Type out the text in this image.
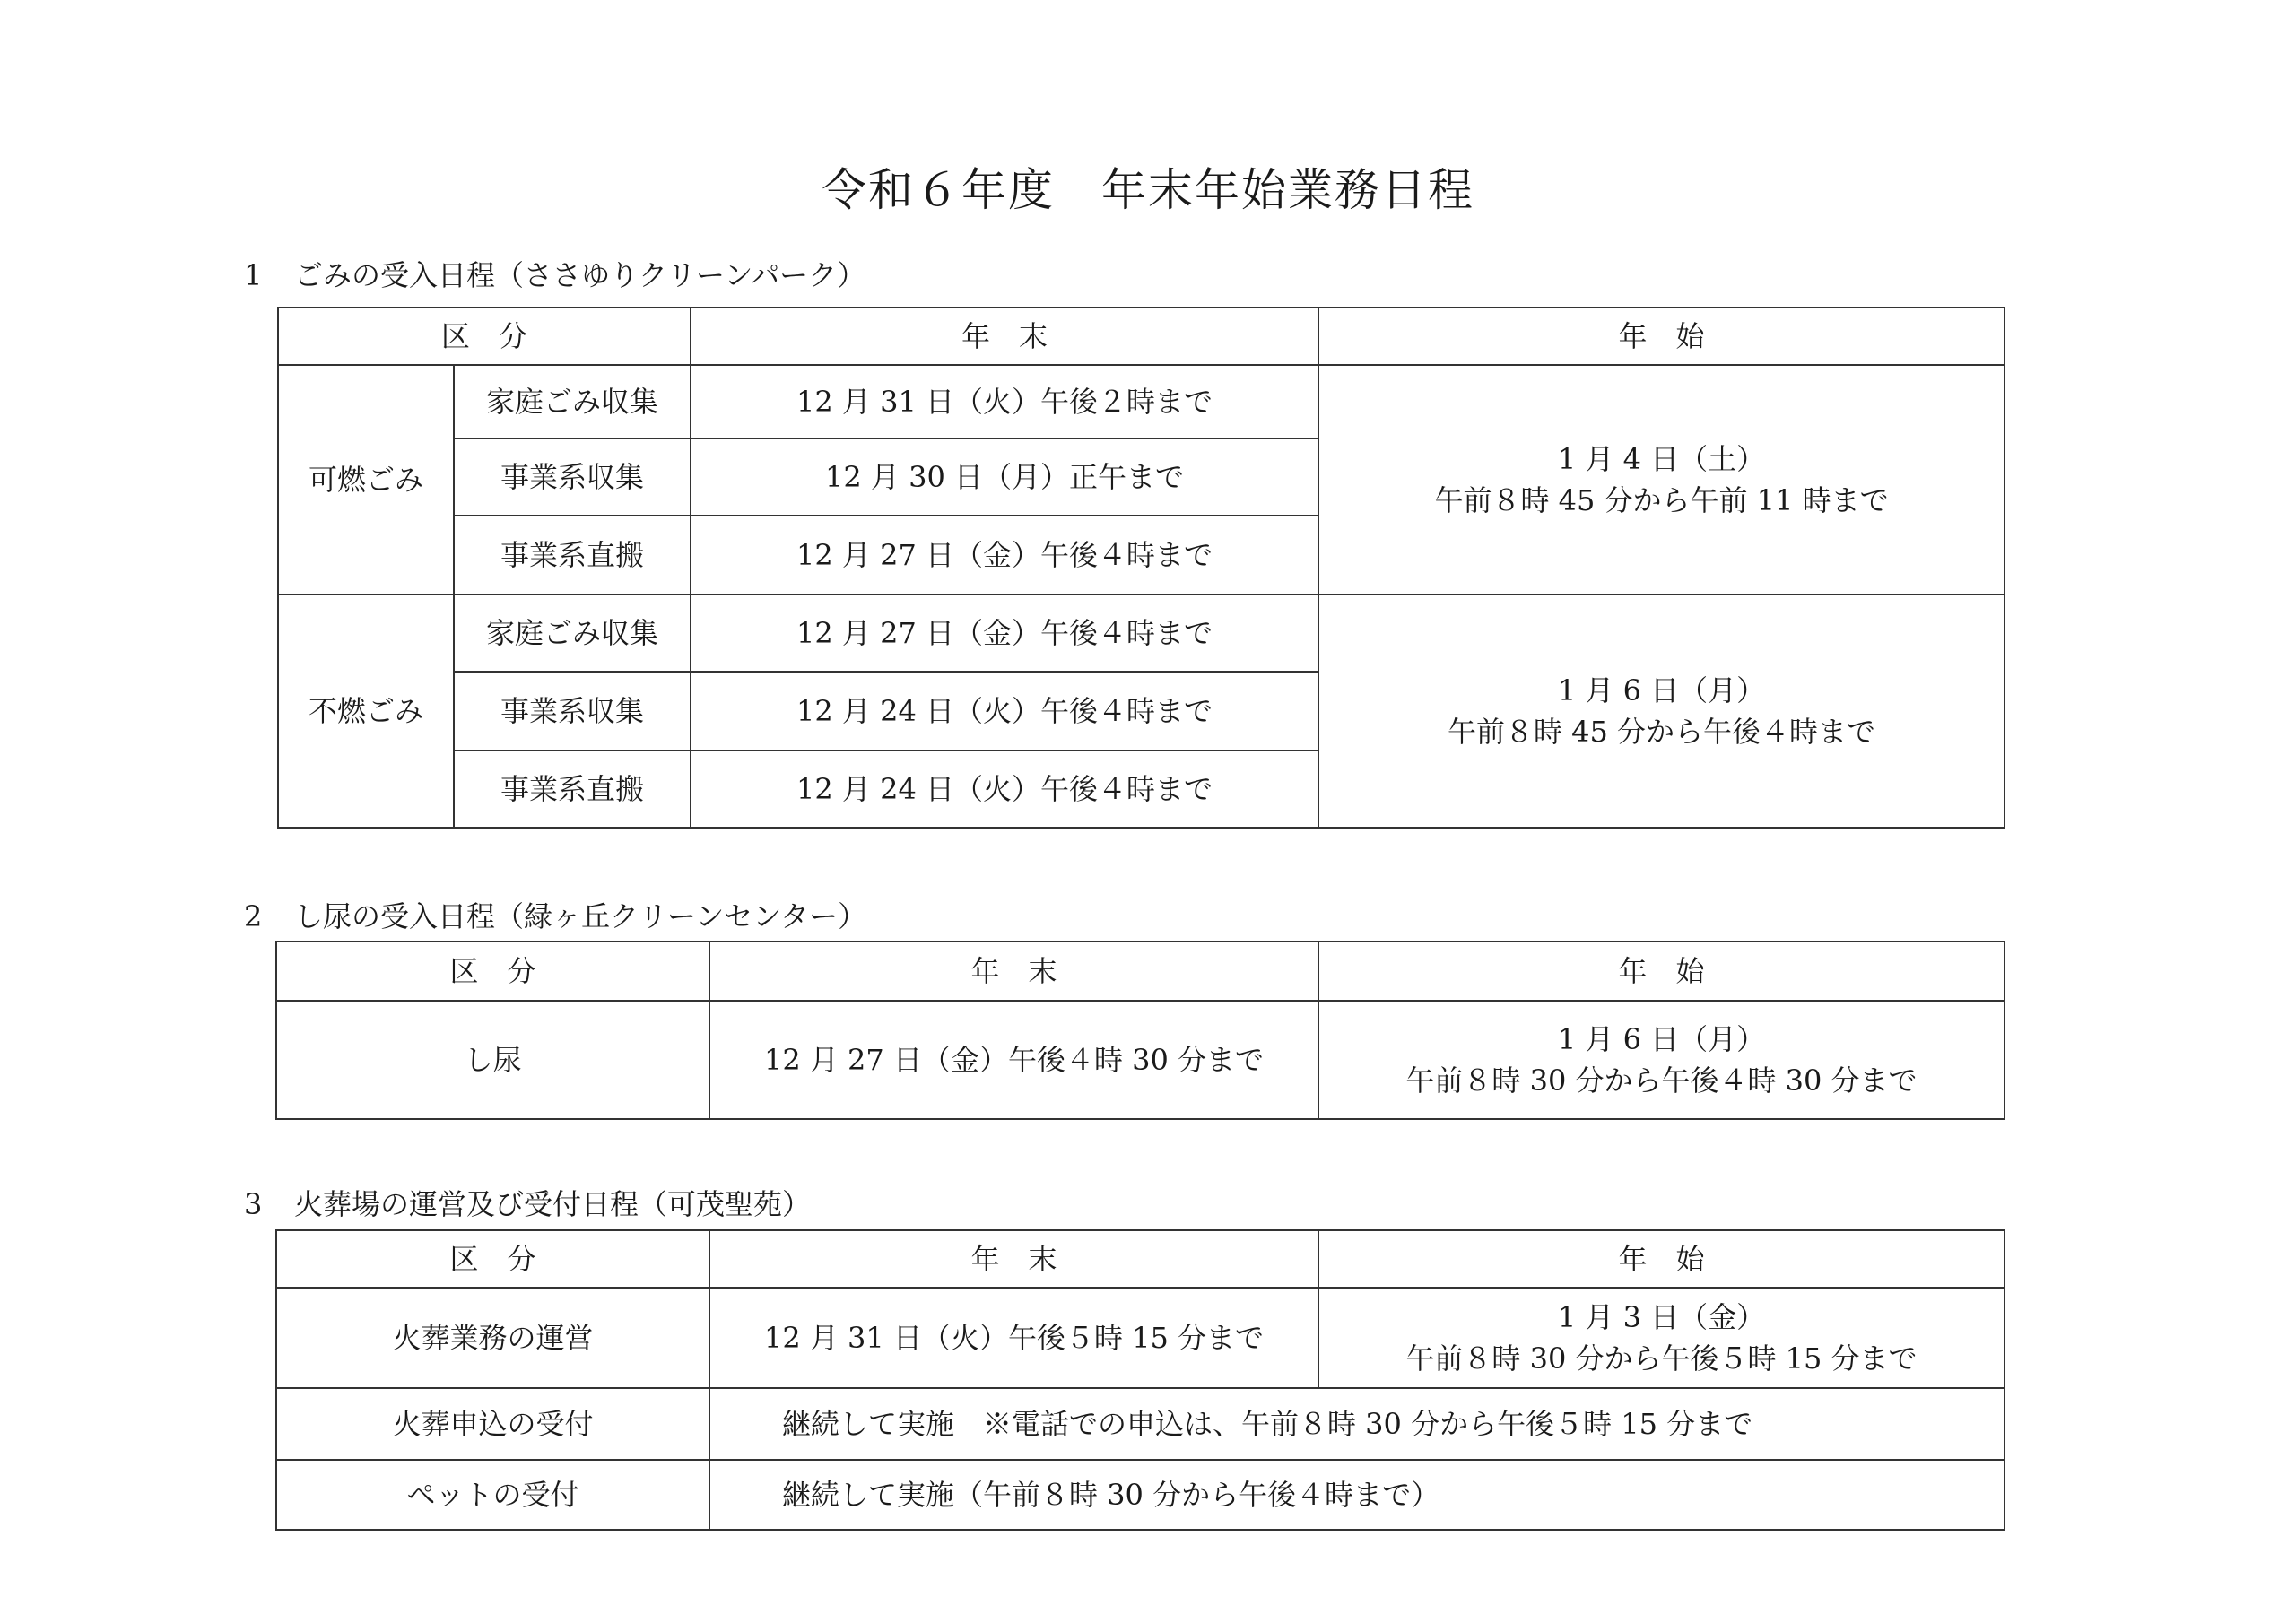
令和６年度　年末年始業務日程
1 ごみの受入日程（ささゆりクリーンパーク）
区　分		年　末	年　始
可燃ごみ	家庭ごみ収集	12 月 31 日（火）午後２時まで	1 月 4 日（土）
午前８時 45 分から午前 11 時まで

	事業系収集	12 月 30 日（月）正午まで	
	事業系直搬	12 月 27 日（金）午後４時まで	
不燃ごみ	家庭ごみ収集	12 月 27 日（金）午後４時まで	1 月 6 日（月）
午前８時 45 分から午後４時まで

	事業系収集	12 月 24 日（火）午後４時まで	
	事業系直搬	12 月 24 日（火）午後４時まで	
2 し尿の受入日程（緑ヶ丘クリーンセンター）
区　分	年　末	年　始
し尿	12 月 27 日（金）午後４時 30 分まで	1 月 6 日（月）
午前８時 30 分から午後４時 30 分まで
3 火葬場の運営及び受付日程（可茂聖苑）
区　分	年　末	年　始
火葬業務の運営	12 月 31 日（火）午後５時 15 分まで	1 月 3 日（金）
午前８時 30 分から午後５時 15 分まで

火葬申込の受付	継続して実施　※電話での申込は、午前８時 30 分から午後５時 15 分まで	
ペットの受付	継続して実施（午前８時 30 分から午後４時まで）	
